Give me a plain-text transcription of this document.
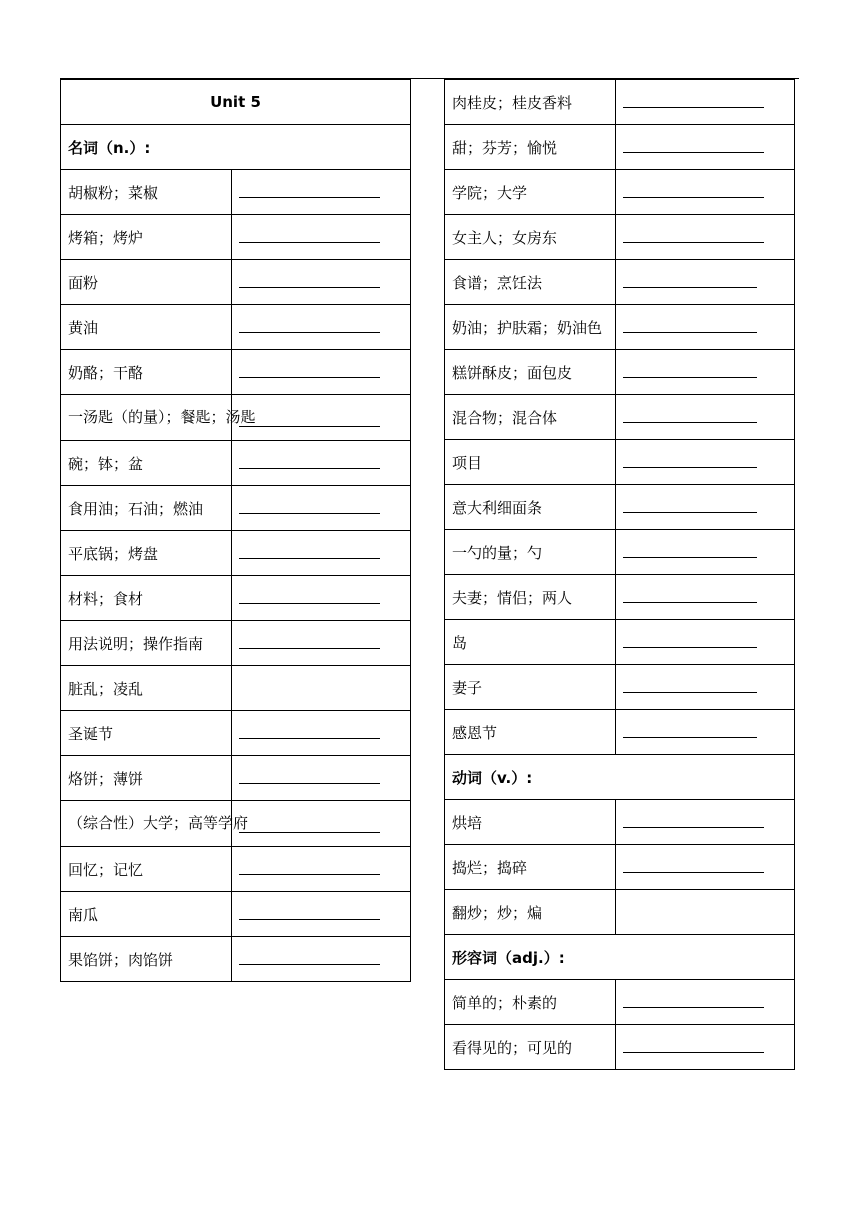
Unit 5	
名词（n.）:	
胡椒粉；菜椒	
烤箱；烤炉	
面粉	
黄油	
奶酪；干酪	
一汤匙（的量）；餐匙；汤匙	
碗；钵；盆	
食用油；石油；燃油	
平底锅；烤盘	
材料；食材	
用法说明；操作指南	
脏乱；凌乱	
圣诞节	
烙饼；薄饼	
（综合性）大学；高等学府	
回忆；记忆	
南瓜	
果馅饼；肉馅饼	
肉桂皮；桂皮香料	
甜；芬芳；愉悦	
学院；大学	
女主人；女房东	
食谱；烹饪法	
奶油；护肤霜；奶油色	
糕饼酥皮；面包皮	
混合物；混合体	
项目	
意大利细面条	
一勺的量；勺	
夫妻；情侣；两人	
岛	
妻子	
感恩节	
动词（v.）:	
烘培	
捣烂；捣碎	
翻炒；炒；煸	
形容词（adj.）:	
简单的；朴素的	
看得见的；可见的	
